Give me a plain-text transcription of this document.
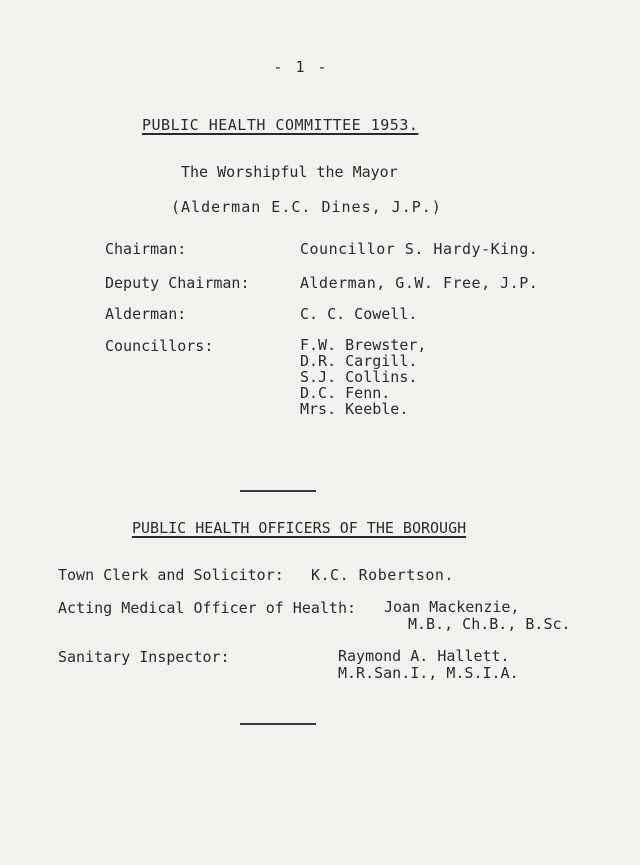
- 1 -
PUBLIC HEALTH COMMITTEE 1953.
The Worshipful the Mayor
(Alderman E.C. Dines, J.P.)
Chairman:	Councillor S. Hardy-King.
Deputy Chairman:	Alderman, G.W. Free, J.P.
Alderman:	C. C. Cowell.
Councillors:	F.W. Brewster,
D.R. Cargill.
S.J. Collins.
D.C. Fenn.
Mrs. Keeble.
PUBLIC HEALTH OFFICERS OF THE BOROUGH
Town Clerk and Solicitor: K.C. Robertson.
Acting Medical Officer of Health: Joan Mackenzie,
M.B., Ch.B., B.Sc.
Sanitary Inspector:	Raymond A. Hallett.
M.R.San.I., M.S.I.A.
